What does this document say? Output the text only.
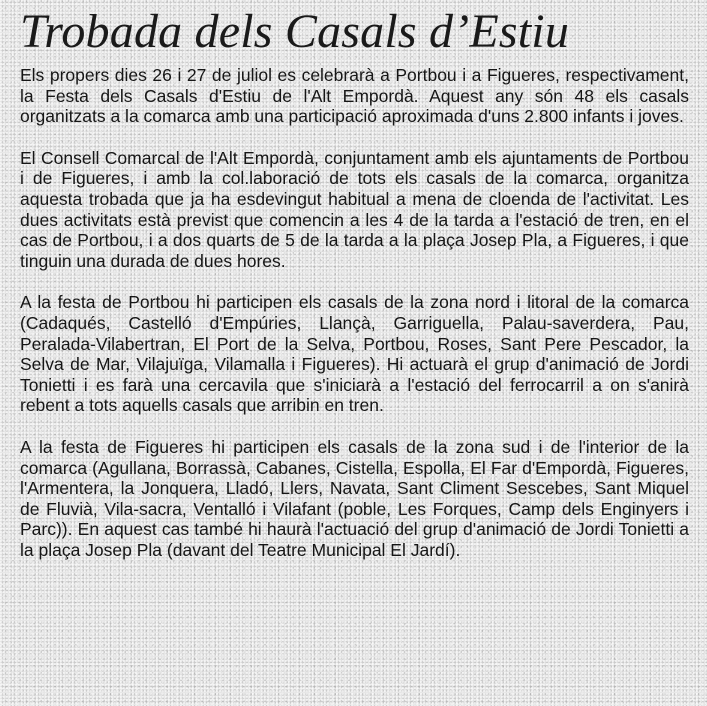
Trobada dels Casals d’Estiu

Els propers dies 26 i 27 de juliol es celebrarà a Portbou i a Figueres, respectivament, la Festa dels Casals d'Estiu de l'Alt Empordà. Aquest any són 48 els casals organitzats a la comarca amb una participació aproximada d'uns 2.800 infants i joves.

El Consell Comarcal de l'Alt Empordà, conjuntament amb els ajuntaments de Portbou i de Figueres, i amb la col.laboració de tots els casals de la comarca, organitza aquesta trobada que ja ha esdevingut habitual a mena de cloenda de l'activitat. Les dues activitats està previst que comencin a les 4 de la tarda a l'estació de tren, en el cas de Portbou, i a dos quarts de 5 de la tarda a la plaça Josep Pla, a Figueres, i que tinguin una durada de dues hores.

A la festa de Portbou hi participen els casals de la zona nord i litoral de la comarca (Cadaqués, Castelló d'Empúries, Llançà, Garriguella, Palau-saverdera, Pau, Peralada-Vilabertran, El Port de la Selva, Portbou, Roses, Sant Pere Pescador, la Selva de Mar, Vilajuïga, Vilamalla i Figueres). Hi actuarà el grup d'animació de Jordi Tonietti i es farà una cercavila que s'iniciarà a l'estació del ferrocarril a on s'anirà rebent a tots aquells casals que arribin en tren.

A la festa de Figueres hi participen els casals de la zona sud i de l'interior de la comarca (Agullana, Borrassà, Cabanes, Cistella, Espolla, El Far d'Empordà, Figueres, l'Armentera, la Jonquera, Lladó, Llers, Navata, Sant Climent Sescebes, Sant Miquel de Fluvià, Vila-sacra, Ventalló i Vilafant (poble, Les Forques, Camp dels Enginyers i Parc)). En aquest cas també hi haurà l'actuació del grup d'animació de Jordi Tonietti a la plaça Josep Pla (davant del Teatre Municipal El Jardí).
